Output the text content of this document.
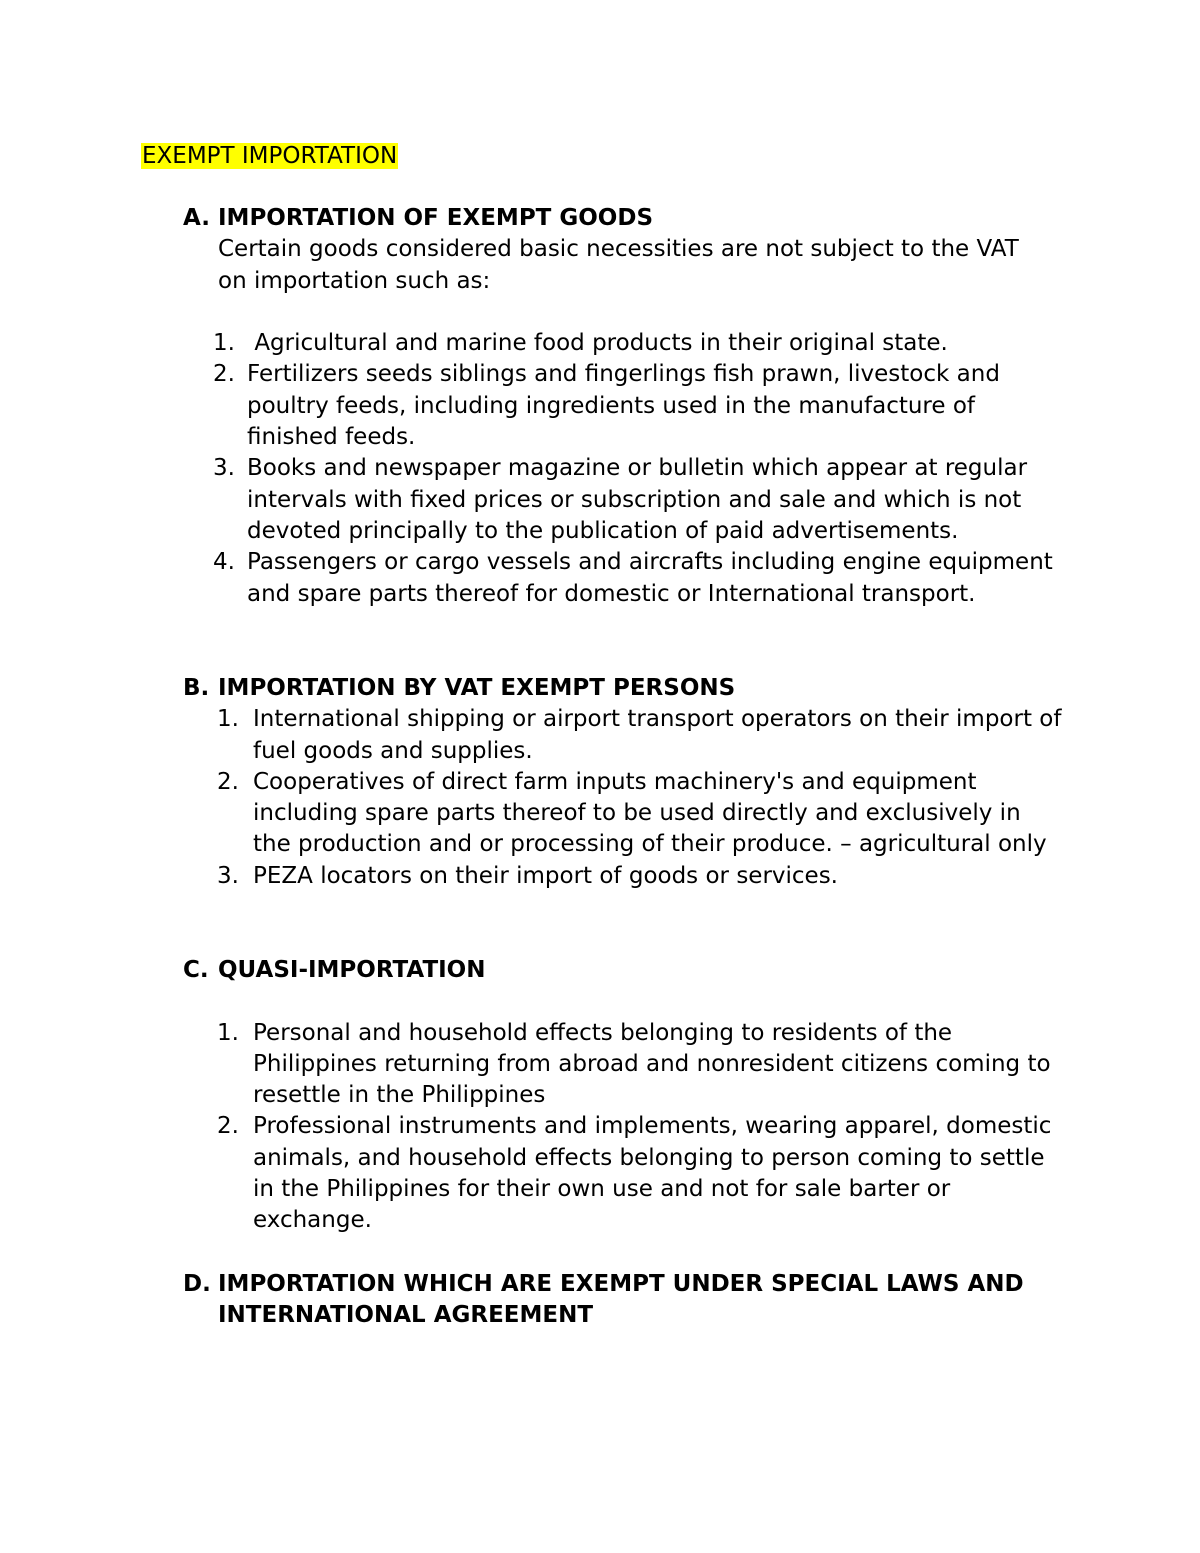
EXEMPT IMPORTATION
A. IMPORTATION OF EXEMPT GOODS

Certain goods considered basic necessities are not subject to the VAT on importation such as:

1. Agricultural and marine food products in their original state.
2. Fertilizers seeds siblings and fingerlings fish prawn, livestock and poultry feeds, including ingredients used in the manufacture of finished feeds.
3. Books and newspaper magazine or bulletin which appear at regular intervals with fixed prices or subscription and sale and which is not devoted principally to the publication of paid advertisements.
4. Passengers or cargo vessels and aircrafts including engine equipment and spare parts thereof for domestic or International transport.
B. IMPORTATION BY VAT EXEMPT PERSONS
1. International shipping or airport transport operators on their import of fuel goods and supplies.
2. Cooperatives of direct farm inputs machinery's and equipment including spare parts thereof to be used directly and exclusively in the production and or processing of their produce. – agricultural only
3. PEZA locators on their import of goods or services.
C. QUASI-IMPORTATION
1. Personal and household effects belonging to residents of the Philippines returning from abroad and nonresident citizens coming to resettle in the Philippines
2. Professional instruments and implements, wearing apparel, domestic animals, and household effects belonging to person coming to settle in the Philippines for their own use and not for sale barter or exchange.
D. IMPORTATION WHICH ARE EXEMPT UNDER SPECIAL LAWS AND INTERNATIONAL AGREEMENT
